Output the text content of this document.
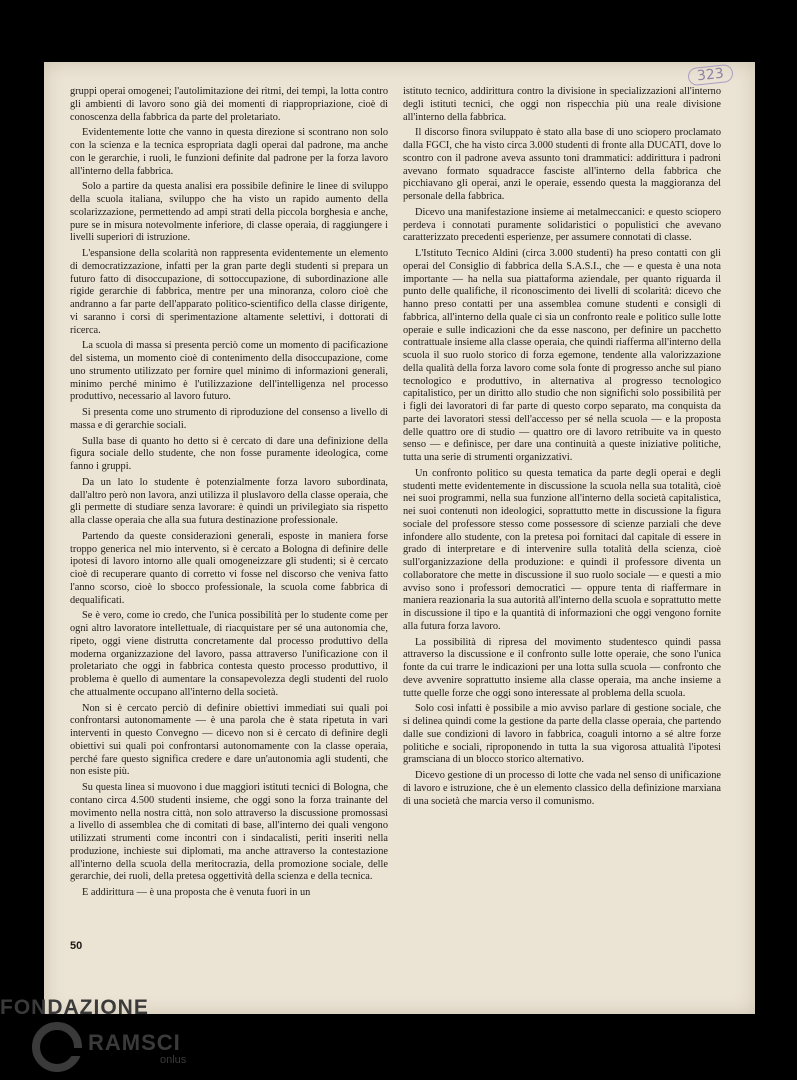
323

gruppi operai omogenei; l'autolimitazione dei ritmi, dei tempi, la lotta contro gli ambienti di lavoro sono già dei momenti di riappropriazione, cioè di conoscenza della fabbrica da parte del proletariato.

Evidentemente lotte che vanno in questa direzione si scontrano non solo con la scienza e la tecnica espropriata dagli operai dal padrone, ma anche con le gerarchie, i ruoli, le funzioni definite dal padrone per la forza lavoro all'interno della fabbrica.

Solo a partire da questa analisi era possibile definire le linee di sviluppo della scuola italiana, sviluppo che ha visto un rapido aumento della scolarizzazione, permettendo ad ampi strati della piccola borghesia e anche, pure se in misura notevolmente inferiore, di classe operaia, di raggiungere i livelli superiori di istruzione.

L'espansione della scolarità non rappresenta evidentemente un elemento di democratizzazione, infatti per la gran parte degli studenti si prepara un futuro fatto di disoccupazione, di sottoccupazione, di subordinazione alle rigide gerarchie di fabbrica, mentre per una minoranza, coloro cioè che andranno a far parte dell'apparato politico-scientifico della classe dirigente, vi saranno i corsi di sperimentazione altamente selettivi, i dottorati di ricerca.

La scuola di massa si presenta perciò come un momento di pacificazione del sistema, un momento cioè di contenimento della disoccupazione, come uno strumento utilizzato per fornire quel minimo di informazioni generali, minimo perché minimo è l'utilizzazione dell'intelligenza nel processo produttivo, necessario al lavoro futuro.

Si presenta come uno strumento di riproduzione del consenso a livello di massa e di gerarchie sociali.

Sulla base di quanto ho detto si è cercato di dare una definizione della figura sociale dello studente, che non fosse puramente ideologica, come fanno i gruppi.

Da un lato lo studente è potenzialmente forza lavoro subordinata, dall'altro però non lavora, anzi utilizza il pluslavoro della classe operaia, che gli permette di studiare senza lavorare: è quindi un privilegiato sia rispetto alla classe operaia che alla sua futura destinazione professionale.

Partendo da queste considerazioni generali, esposte in maniera forse troppo generica nel mio intervento, si è cercato a Bologna di definire delle ipotesi di lavoro intorno alle quali omogeneizzare gli studenti; si è cercato cioè di recuperare quanto di corretto vi fosse nel discorso che veniva fatto l'anno scorso, cioè lo sbocco professionale, la scuola come fabbrica di dequalificati.

Se è vero, come io credo, che l'unica possibilità per lo studente come per ogni altro lavoratore intellettuale, di riacquistare per sé una autonomia che, ripeto, oggi viene distrutta concretamente dal processo produttivo della moderna organizzazione del lavoro, passa attraverso l'unificazione con il proletariato che oggi in fabbrica contesta questo processo produttivo, il problema è quello di aumentare la consapevolezza degli studenti del ruolo che attualmente occupano all'interno della società.

Non si è cercato perciò di definire obiettivi immediati sui quali poi confrontarsi autonomamente — è una parola che è stata ripetuta in vari interventi in questo Convegno — dicevo non si è cercato di definire degli obiettivi sui quali poi confrontarsi autonomamente con la classe operaia, perché fare questo significa credere e dare un'autonomia agli studenti, che non esiste più.

Su questa linea si muovono i due maggiori istituti tecnici di Bologna, che contano circa 4.500 studenti insieme, che oggi sono la forza trainante del movimento nella nostra città, non solo attraverso la discussione promossasi a livello di assemblea che di comitati di base, all'interno dei quali vengono utilizzati strumenti come incontri con i sindacalisti, periti inseriti nella produzione, inchieste sui diplomati, ma anche attraverso la contestazione all'interno della scuola della meritocrazia, della promozione sociale, delle gerarchie, dei ruoli, della pretesa oggettività della scienza e della tecnica.

E addirittura — è una proposta che è venuta fuori in un

istituto tecnico, addirittura contro la divisione in specializzazioni all'interno degli istituti tecnici, che oggi non rispecchia più una reale divisione all'interno della fabbrica.

Il discorso finora sviluppato è stato alla base di uno sciopero proclamato dalla FGCI, che ha visto circa 3.000 studenti di fronte alla DUCATI, dove lo scontro con il padrone aveva assunto toni drammatici: addirittura i padroni avevano formato squadracce fasciste all'interno della fabbrica che picchiavano gli operai, anzi le operaie, essendo questa la maggioranza del personale della fabbrica.

Dicevo una manifestazione insieme ai metalmeccanici: e questo sciopero perdeva i connotati puramente solidaristici o populistici che avevano caratterizzato precedenti esperienze, per assumere connotati di classe.

L'Istituto Tecnico Aldini (circa 3.000 studenti) ha preso contatti con gli operai del Consiglio di fabbrica della S.A.S.I., che — e questa è una nota importante — ha nella sua piattaforma aziendale, per quanto riguarda il punto delle qualifiche, il riconoscimento dei livelli di scolarità: dicevo che hanno preso contatti per una assemblea comune studenti e consigli di fabbrica, all'interno della quale ci sia un confronto reale e politico sulle lotte operaie e sulle indicazioni che da esse nascono, per definire un pacchetto contrattuale insieme alla classe operaia, che quindi riafferma all'interno della scuola il suo ruolo storico di forza egemone, tendente alla valorizzazione della qualità della forza lavoro come sola fonte di progresso anche sul piano tecnologico e produttivo, in alternativa al progresso tecnologico capitalistico, per un diritto allo studio che non significhi solo possibilità per i figli dei lavoratori di far parte di questo corpo separato, ma conquista da parte dei lavoratori stessi dell'accesso per sé nella scuola — e la proposta delle quattro ore di studio — quattro ore di lavoro retribuite va in questo senso — e definisce, per dare una continuità a queste iniziative politiche, tutta una serie di strumenti organizzativi.

Un confronto politico su questa tematica da parte degli operai e degli studenti mette evidentemente in discussione la scuola nella sua totalità, cioè nei suoi programmi, nella sua funzione all'interno della società capitalistica, nei suoi contenuti non ideologici, soprattutto mette in discussione la figura sociale del professore stesso come possessore di scienze parziali che deve infondere allo studente, con la pretesa poi fornitaci dal capitale di essere in grado di interpretare e di intervenire sulla totalità della scienza, cioè sull'organizzazione della produzione: e quindi il professore diventa un collaboratore che mette in discussione il suo ruolo sociale — e questi a mio avviso sono i professori democratici — oppure tenta di riaffermare in maniera reazionaria la sua autorità all'interno della scuola e soprattutto mette in discussione il tipo e la quantità di informazioni che oggi vengono fornite alla futura forza lavoro.

La possibilità di ripresa del movimento studentesco quindi passa attraverso la discussione e il confronto sulle lotte operaie, che sono l'unica fonte da cui trarre le indicazioni per una lotta sulla scuola — confronto che deve avvenire soprattutto insieme alla classe operaia, ma anche insieme a tutte quelle forze che oggi sono interessate al problema della scuola.

Solo così infatti è possibile a mio avviso parlare di gestione sociale, che si delinea quindi come la gestione da parte della classe operaia, che partendo dalle sue condizioni di lavoro in fabbrica, coaguli intorno a sé altre forze politiche e sociali, riproponendo in tutta la sua vigorosa attualità l'ipotesi gramsciana di un blocco storico alternativo.

Dicevo gestione di un processo di lotte che vada nel senso di unificazione di lavoro e istruzione, che è un elemento classico della definizione marxiana di una società che marcia verso il comunismo.

50
FONDAZIONE
RAMSCI
onlus
